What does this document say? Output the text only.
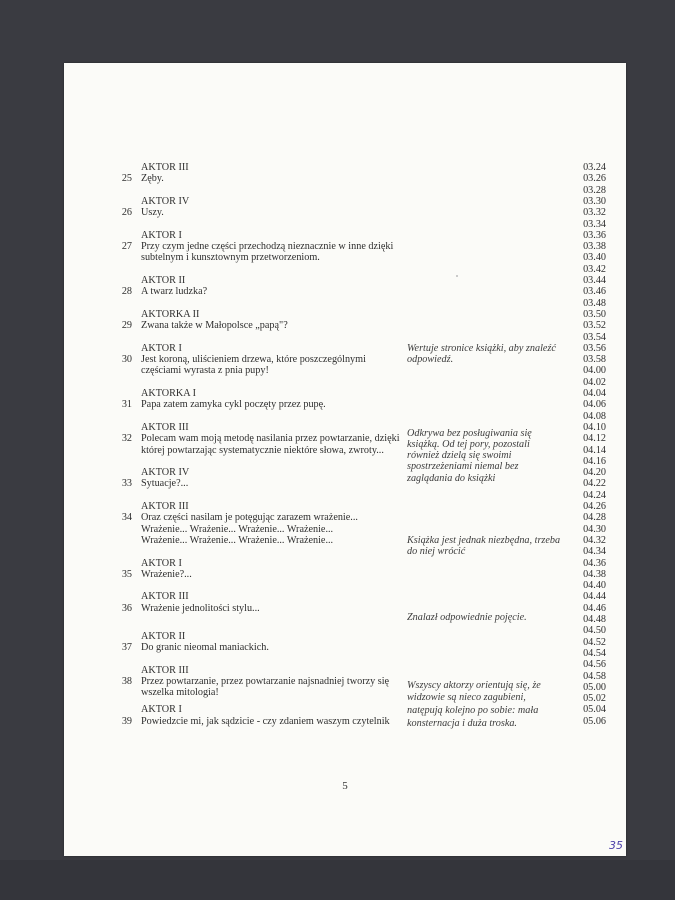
5
35
AKTOR III
25 Zęby.
AKTOR IV
26 Uszy.
AKTOR I
27 Przy czym jedne części przechodzą nieznacznie w inne dzięki
subtelnym i kunsztownym przetworzeniom.
AKTOR II
28 A twarz ludzka?
AKTORKA II
29 Zwana także w Małopolsce „papą"?
AKTOR I
30 Jest koroną, uliścieniem drzewa, które poszczególnymi
częściami wyrasta z pnia pupy!
AKTORKA I
31 Papa zatem zamyka cykl poczęty przez pupę.
AKTOR III
32 Polecam wam moją metodę nasilania przez powtarzanie, dzięki
której powtarzając systematycznie niektóre słowa, zwroty...
AKTOR IV
33 Sytuacje?...
AKTOR III
34 Oraz części nasilam je potęgując zarazem wrażenie...
Wrażenie... Wrażenie... Wrażenie... Wrażenie...
Wrażenie... Wrażenie... Wrażenie... Wrażenie...
AKTOR I
35 Wrażenie?...
AKTOR III
36 Wrażenie jednolitości stylu...
AKTOR II
37 Do granic nieomal maniackich.
AKTOR III
38 Przez powtarzanie, przez powtarzanie najsnadniej tworzy się
wszelka mitologia!
AKTOR I
39 Powiedzcie mi, jak sądzicie - czy zdaniem waszym czytelnik
Wertuje stronice książki, aby znaleźć
odpowiedź.
Odkrywa bez posługiwania się
książką. Od tej pory, pozostali
również dzielą się swoimi
spostrzeżeniami niemal bez
zaglądania do książki
Książka jest jednak niezbędna, trzeba
do niej wrócić
Znalazł odpowiednie pojęcie.
Wszyscy aktorzy orientują się, że
widzowie są nieco zagubieni,
natępują kolejno po sobie: mała
konsternacja i duża troska.
03.24
03.26
03.28
03.30
03.32
03.34
03.36
03.38
03.40
03.42
03.44
03.46
03.48
03.50
03.52
03.54
03.56
03.58
04.00
04.02
04.04
04.06
04.08
04.10
04.12
04.14
04.16
04.20
04.22
04.24
04.26
04.28
04.30
04.32
04.34
04.36
04.38
04.40
04.44
04.46
04.48
04.50
04.52
04.54
04.56
04.58
05.00
05.02
05.04
05.06
